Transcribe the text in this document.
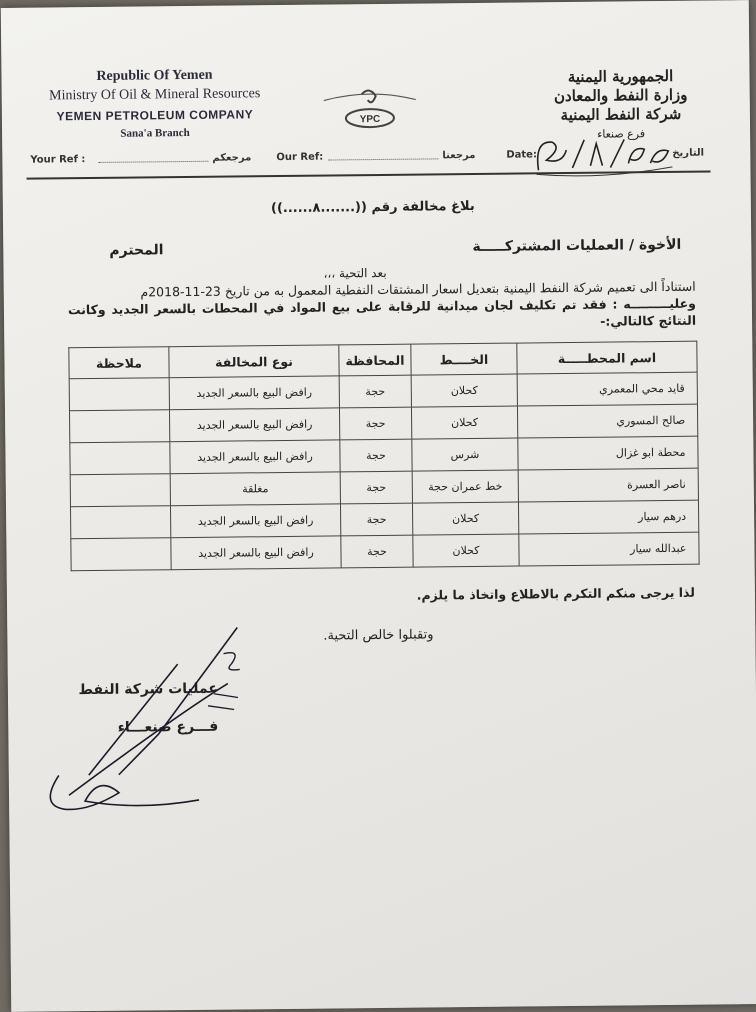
Republic Of Yemen
Ministry Of Oil & Mineral Resources
YEMEN PETROLEUM COMPANY
Sana'a Branch
YPC
الجمهورية اليمنية
وزارة النفط والمعادن
شركة النفط اليمنية
فرع صنعاء
Your Ref :	مرجعكم Our Ref:	مرجعنا	Date:	التاريخ
2018/11/26
بلاغ مخالفة رقم ((.......٨......))
الأخوة / العمليات المشتركـــــة
المحترم
بعد التحية ،،،
استناداً الى تعميم شركة النفط اليمنية بتعديل اسعار المشتقات النفطية المعمول به من تاريخ 23-11-2018م
وعليـــــــــه : فقد تم تكليف لجان ميدانية للرقابة على بيع المواد في المحطات بالسعر الجديد وكانت النتائج كالتالي:-
اسم المحطـــــة	الخــــط	المحافظة	نوع المخالفة	ملاحظة
قايد محي المعمري	كحلان	حجة	رافض البيع بالسعر الجديد	
صالح المسوري	كحلان	حجة	رافض البيع بالسعر الجديد	
محطة ابو غزال	شرس	حجة	رافض البيع بالسعر الجديد	
ناصر العسرة	خط عمران حجة	حجة	مغلقة	
درهم سيار	كحلان	حجة	رافض البيع بالسعر الجديد	
عبدالله سيار	كحلان	حجة	رافض البيع بالسعر الجديد	
لذا يرجى منكم التكرم بالاطلاع واتخاذ ما يلزم.
وتقبلوا خالص التحية.
عمليات شركة النفط
فـــرع صنعـــاء
